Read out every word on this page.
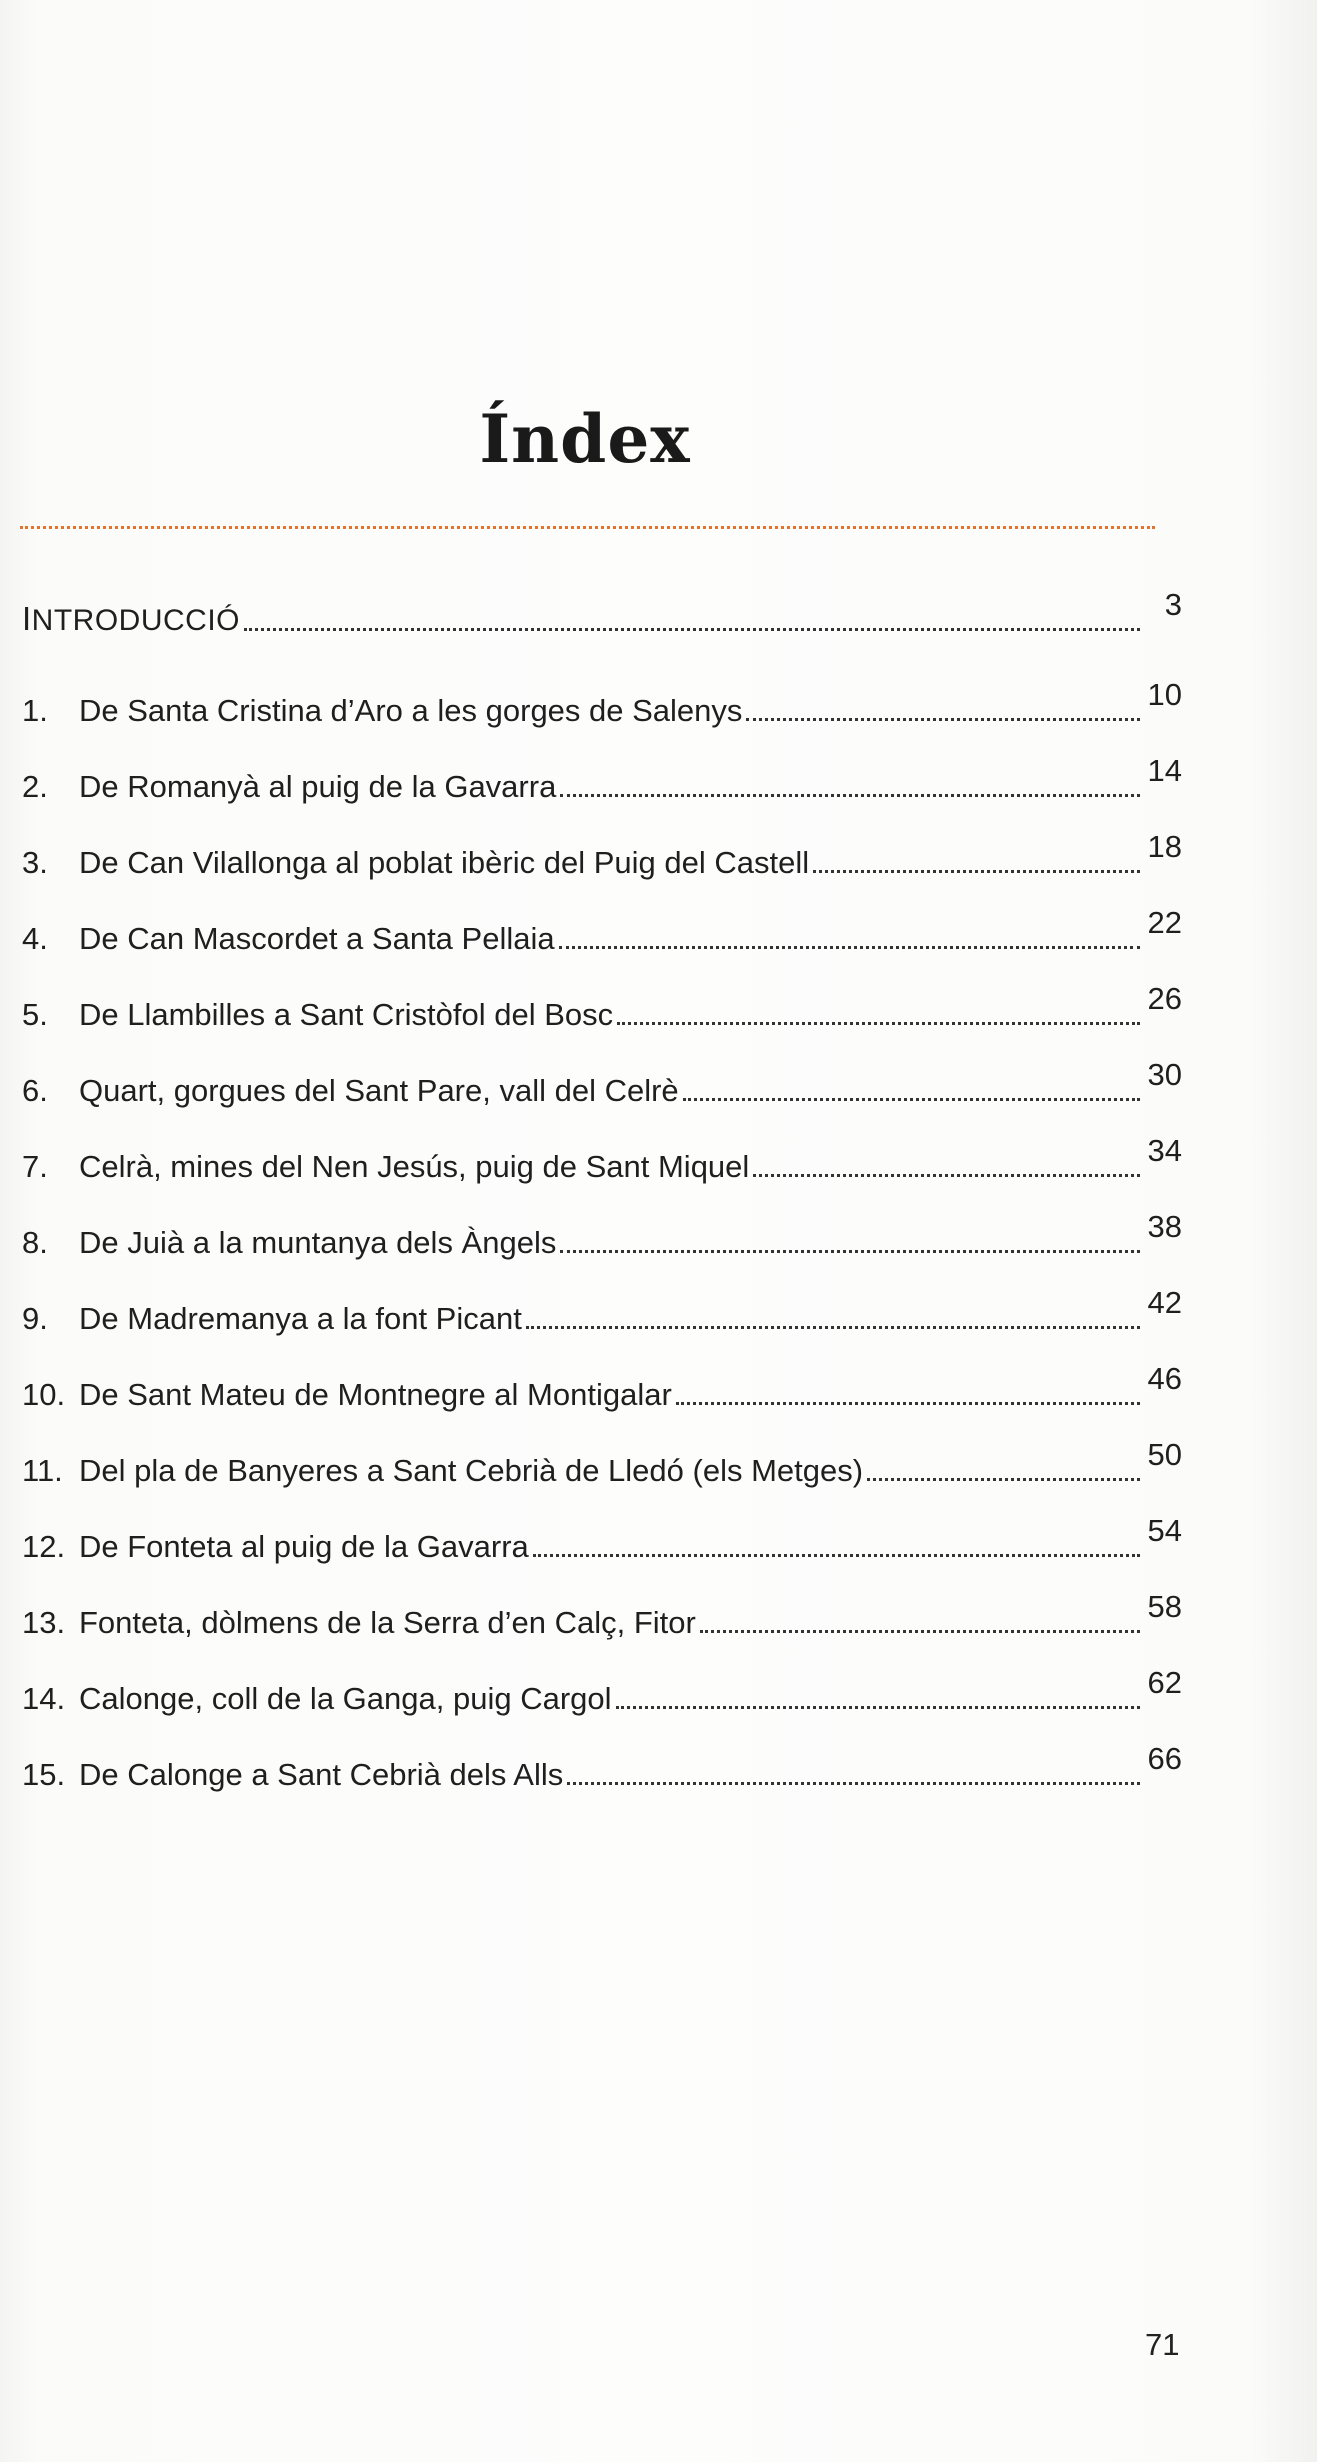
Índex
INTRODUCCIÓ	3
1.	De Santa Cristina d’Aro a les gorges de Salenys	10
2.	De Romanyà al puig de la Gavarra	14
3.	De Can Vilallonga al poblat ibèric del Puig del Castell	18
4.	De Can Mascordet a Santa Pellaia	22
5.	De Llambilles a Sant Cristòfol del Bosc	26
6.	Quart, gorgues del Sant Pare, vall del Celrè	30
7.	Celrà, mines del Nen Jesús, puig de Sant Miquel	34
8.	De Juià a la muntanya dels Àngels	38
9.	De Madremanya a la font Picant	42
10. De Sant Mateu de Montnegre al Montigalar	46
11. Del pla de Banyeres a Sant Cebrià de Lledó (els Metges)	50
12. De Fonteta al puig de la Gavarra	54
13. Fonteta, dòlmens de la Serra d’en Calç, Fitor	58
14. Calonge, coll de la Ganga, puig Cargol	62
15. De Calonge a Sant Cebrià dels Alls	66
71
